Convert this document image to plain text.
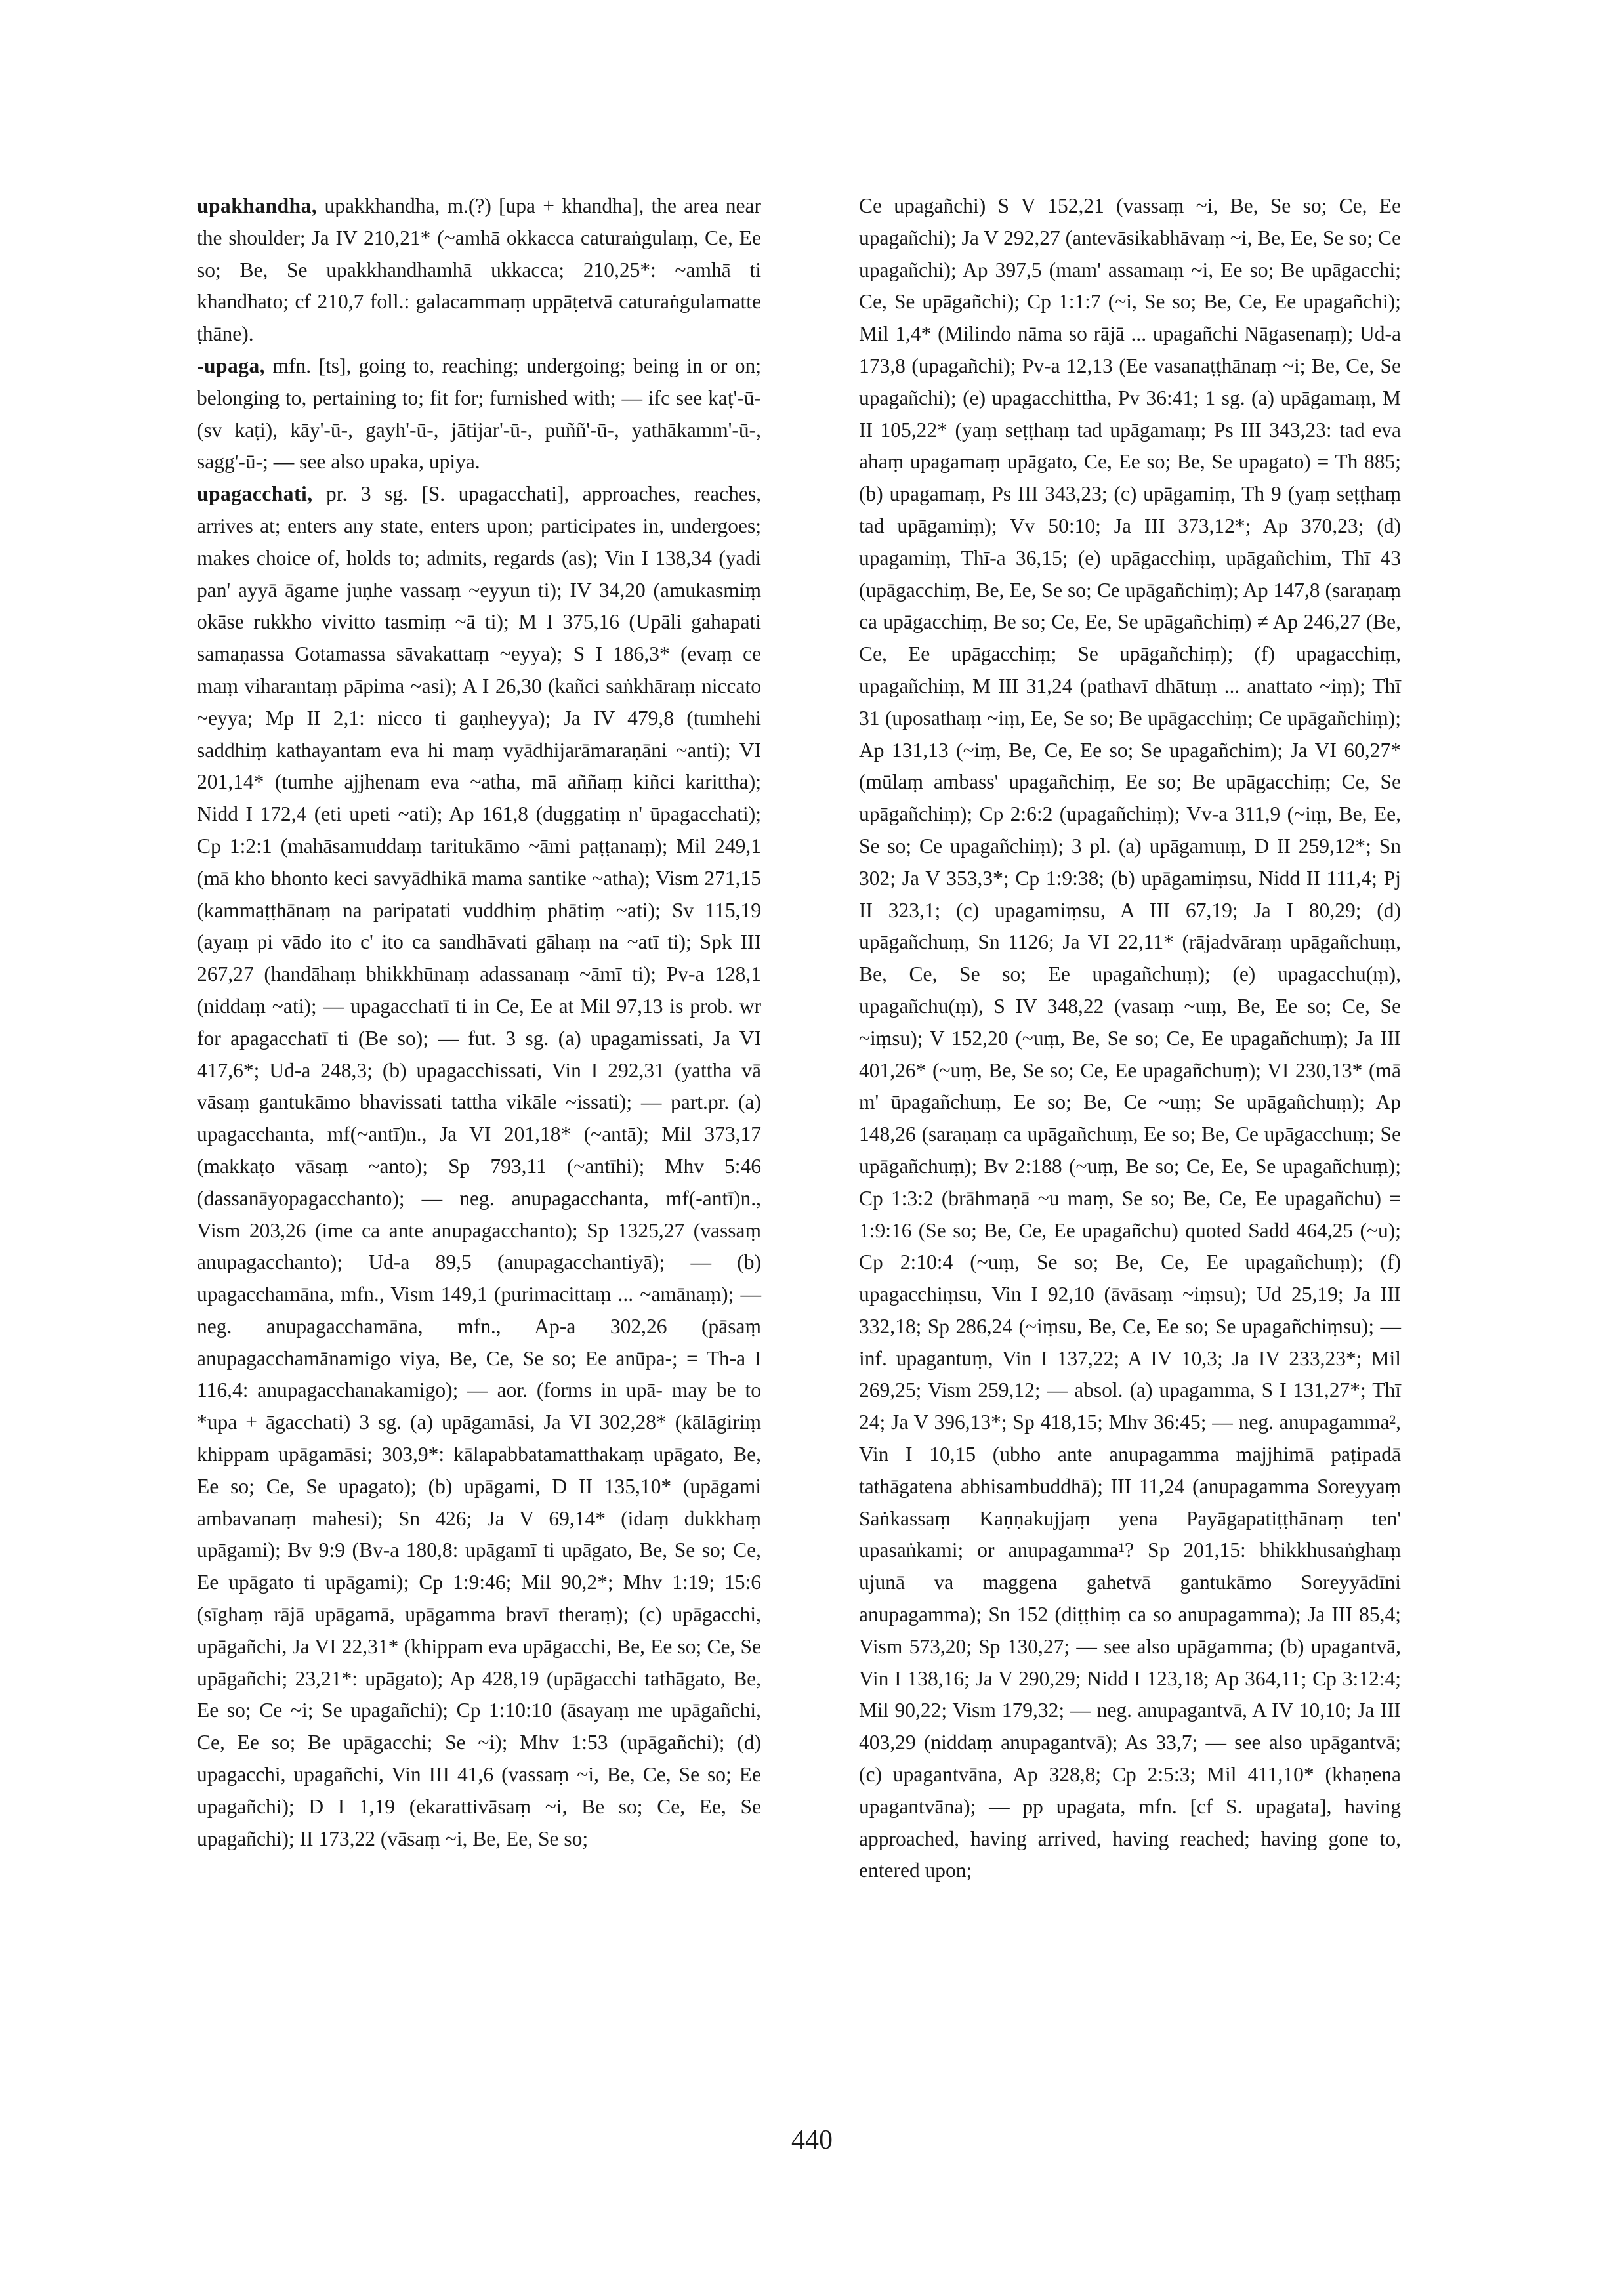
upakhandha, upakkhandha, m.(?) [upa + khandha], the area near the shoulder; Ja IV 210,21* (~amhā okkacca caturaṅgulaṃ, Ce, Ee so; Be, Se upakkhandhamhā ukkacca; 210,25*: ~amhā ti khandhato; cf 210,7 foll.: galacammaṃ uppāṭetvā caturaṅgulamatte ṭhāne).

-upaga, mfn. [ts], going to, reaching; undergoing; being in or on; belonging to, pertaining to; fit for; furnished with; — ifc see kaṭ'-ū- (sv kaṭi), kāy'-ū-, gayh'-ū-, jātijar'-ū-, puññ'-ū-, yathākamm'-ū-, sagg'-ū-; — see also upaka, upiya.

upagacchati, pr. 3 sg. [S. upagacchati], approaches, reaches, arrives at; enters any state, enters upon; participates in, undergoes; makes choice of, holds to; admits, regards (as); Vin I 138,34 (yadi pan' ayyā āgame juṇhe vassaṃ ~eyyun ti); IV 34,20 (amukasmiṃ okāse rukkho vivitto tasmiṃ ~ā ti); M I 375,16 (Upāli gahapati samaṇassa Gotamassa sāvakattaṃ ~eyya); S I 186,3* (evaṃ ce maṃ viharantaṃ pāpima ~asi); A I 26,30 (kañci saṅkhāraṃ niccato ~eyya; Mp II 2,1: nicco ti gaṇheyya); Ja IV 479,8 (tumhehi saddhiṃ kathayantam eva hi maṃ vyādhijarāmaraṇāni ~anti); VI 201,14* (tumhe ajjhenam eva ~atha, mā aññaṃ kiñci karittha); Nidd I 172,4 (eti upeti ~ati); Ap 161,8 (duggatiṃ n' ūpagacchati); Cp 1:2:1 (mahāsamuddaṃ taritukāmo ~āmi paṭṭanaṃ); Mil 249,1 (mā kho bhonto keci savyādhikā mama santike ~atha); Vism 271,15 (kammaṭṭhānaṃ na paripatati vuddhiṃ phātiṃ ~ati); Sv 115,19 (ayaṃ pi vādo ito c' ito ca sandhāvati gāhaṃ na ~atī ti); Spk III 267,27 (handāhaṃ bhikkhūnaṃ adassanaṃ ~āmī ti); Pv-a 128,1 (niddaṃ ~ati); — upagacchatī ti in Ce, Ee at Mil 97,13 is prob. wr for apagacchatī ti (Be so); — fut. 3 sg. (a) upagamissati, Ja VI 417,6*; Ud-a 248,3; (b) upagacchissati, Vin I 292,31 (yattha vā vāsaṃ gantukāmo bhavissati tattha vikāle ~issati); — part.pr. (a) upagacchanta, mf(~antī)n., Ja VI 201,18* (~antā); Mil 373,17 (makkaṭo vāsaṃ ~anto); Sp 793,11 (~antīhi); Mhv 5:46 (dassanāyopagacchanto); — neg. anupagacchanta, mf(-antī)n., Vism 203,26 (ime ca ante anupagacchanto); Sp 1325,27 (vassaṃ anupagacchanto); Ud-a 89,5 (anupagacchantiyā); — (b) upagacchamāna, mfn., Vism 149,1 (purimacittaṃ ... ~amānaṃ); — neg. anupagacchamāna, mfn., Ap-a 302,26 (pāsaṃ anupagacchamānamigo viya, Be, Ce, Se so; Ee anūpa-; = Th-a I 116,4: anupagacchanakamigo); — aor. (forms in upā- may be to *upa + āgacchati) 3 sg. (a) upāgamāsi, Ja VI 302,28* (kālāgiriṃ khippam upāgamāsi; 303,9*: kālapabbatamatthakaṃ upāgato, Be, Ee so; Ce, Se upagato); (b) upāgami, D II 135,10* (upāgami ambavanaṃ mahesi); Sn 426; Ja V 69,14* (idaṃ dukkhaṃ upāgami); Bv 9:9 (Bv-a 180,8: upāgamī ti upāgato, Be, Se so; Ce, Ee upāgato ti upāgami); Cp 1:9:46; Mil 90,2*; Mhv 1:19; 15:6 (sīghaṃ rājā upāgamā, upāgamma bravī theraṃ); (c) upāgacchi, upāgañchi, Ja VI 22,31* (khippam eva upāgacchi, Be, Ee so; Ce, Se upāgañchi; 23,21*: upāgato); Ap 428,19 (upāgacchi tathāgato, Be, Ee so; Ce ~i; Se upagañchi); Cp 1:10:10 (āsayaṃ me upāgañchi, Ce, Ee so; Be upāgacchi; Se ~i); Mhv 1:53 (upāgañchi); (d) upagacchi, upagañchi, Vin III 41,6 (vassaṃ ~i, Be, Ce, Se so; Ee upagañchi); D I 1,19 (ekarattivāsaṃ ~i, Be so; Ce, Ee, Se upagañchi); II 173,22 (vāsaṃ ~i, Be, Ee, Se so;

Ce upagañchi) S V 152,21 (vassaṃ ~i, Be, Se so; Ce, Ee upagañchi); Ja V 292,27 (antevāsikabhāvaṃ ~i, Be, Ee, Se so; Ce upagañchi); Ap 397,5 (mam' assamaṃ ~i, Ee so; Be upāgacchi; Ce, Se upāgañchi); Cp 1:1:7 (~i, Se so; Be, Ce, Ee upagañchi); Mil 1,4* (Milindo nāma so rājā ... upagañchi Nāgasenaṃ); Ud-a 173,8 (upagañchi); Pv-a 12,13 (Ee vasanaṭṭhānaṃ ~i; Be, Ce, Se upagañchi); (e) upagacchittha, Pv 36:41; 1 sg. (a) upāgamaṃ, M II 105,22* (yaṃ seṭṭhaṃ tad upāgamaṃ; Ps III 343,23: tad eva ahaṃ upagamaṃ upāgato, Ce, Ee so; Be, Se upagato) = Th 885; (b) upagamaṃ, Ps III 343,23; (c) upāgamiṃ, Th 9 (yaṃ seṭṭhaṃ tad upāgamiṃ); Vv 50:10; Ja III 373,12*; Ap 370,23; (d) upagamiṃ, Thī-a 36,15; (e) upāgacchiṃ, upāgañchim, Thī 43 (upāgacchiṃ, Be, Ee, Se so; Ce upāgañchiṃ); Ap 147,8 (saraṇaṃ ca upāgacchiṃ, Be so; Ce, Ee, Se upāgañchiṃ) ≠ Ap 246,27 (Be, Ce, Ee upāgacchiṃ; Se upāgañchiṃ); (f) upagacchiṃ, upagañchiṃ, M III 31,24 (pathavī dhātuṃ ... anattato ~iṃ); Thī 31 (uposathaṃ ~iṃ, Ee, Se so; Be upāgacchiṃ; Ce upāgañchiṃ); Ap 131,13 (~iṃ, Be, Ce, Ee so; Se upagañchim); Ja VI 60,27* (mūlaṃ ambass' upagañchiṃ, Ee so; Be upāgacchiṃ; Ce, Se upāgañchiṃ); Cp 2:6:2 (upagañchiṃ); Vv-a 311,9 (~iṃ, Be, Ee, Se so; Ce upagañchiṃ); 3 pl. (a) upāgamuṃ, D II 259,12*; Sn 302; Ja V 353,3*; Cp 1:9:38; (b) upāgamiṃsu, Nidd II 111,4; Pj II 323,1; (c) upagamiṃsu, A III 67,19; Ja I 80,29; (d) upāgañchuṃ, Sn 1126; Ja VI 22,11* (rājadvāraṃ upāgañchuṃ, Be, Ce, Se so; Ee upagañchuṃ); (e) upagacchu(ṃ), upagañchu(ṃ), S IV 348,22 (vasaṃ ~uṃ, Be, Ee so; Ce, Se ~iṃsu); V 152,20 (~uṃ, Be, Se so; Ce, Ee upagañchuṃ); Ja III 401,26* (~uṃ, Be, Se so; Ce, Ee upagañchuṃ); VI 230,13* (mā m' ūpagañchuṃ, Ee so; Be, Ce ~uṃ; Se upāgañchuṃ); Ap 148,26 (saraṇaṃ ca upāgañchuṃ, Ee so; Be, Ce upāgacchuṃ; Se upāgañchuṃ); Bv 2:188 (~uṃ, Be so; Ce, Ee, Se upagañchuṃ); Cp 1:3:2 (brāhmaṇā ~u maṃ, Se so; Be, Ce, Ee upagañchu) = 1:9:16 (Se so; Be, Ce, Ee upagañchu) quoted Sadd 464,25 (~u); Cp 2:10:4 (~uṃ, Se so; Be, Ce, Ee upagañchuṃ); (f) upagacchiṃsu, Vin I 92,10 (āvāsaṃ ~iṃsu); Ud 25,19; Ja III 332,18; Sp 286,24 (~iṃsu, Be, Ce, Ee so; Se upagañchiṃsu); — inf. upagantuṃ, Vin I 137,22; A IV 10,3; Ja IV 233,23*; Mil 269,25; Vism 259,12; — absol. (a) upagamma, S I 131,27*; Thī 24; Ja V 396,13*; Sp 418,15; Mhv 36:45; — neg. anupagamma², Vin I 10,15 (ubho ante anupagamma majjhimā paṭipadā tathāgatena abhisambuddhā); III 11,24 (anupagamma Soreyyaṃ Saṅkassaṃ Kaṇṇakujjaṃ yena Payāgapatiṭṭhānaṃ ten' upasaṅkami; or anupagamma¹? Sp 201,15: bhikkhusaṅghaṃ ujunā va maggena gahetvā gantukāmo Soreyyādīni anupagamma); Sn 152 (diṭṭhiṃ ca so anupagamma); Ja III 85,4; Vism 573,20; Sp 130,27; — see also upāgamma; (b) upagantvā, Vin I 138,16; Ja V 290,29; Nidd I 123,18; Ap 364,11; Cp 3:12:4; Mil 90,22; Vism 179,32; — neg. anupagantvā, A IV 10,10; Ja III 403,29 (niddaṃ anupagantvā); As 33,7; — see also upāgantvā; (c) upagantvāna, Ap 328,8; Cp 2:5:3; Mil 411,10* (khaṇena upagantvāna); — pp upagata, mfn. [cf S. upagata], having approached, having arrived, having reached; having gone to, entered upon;

440
